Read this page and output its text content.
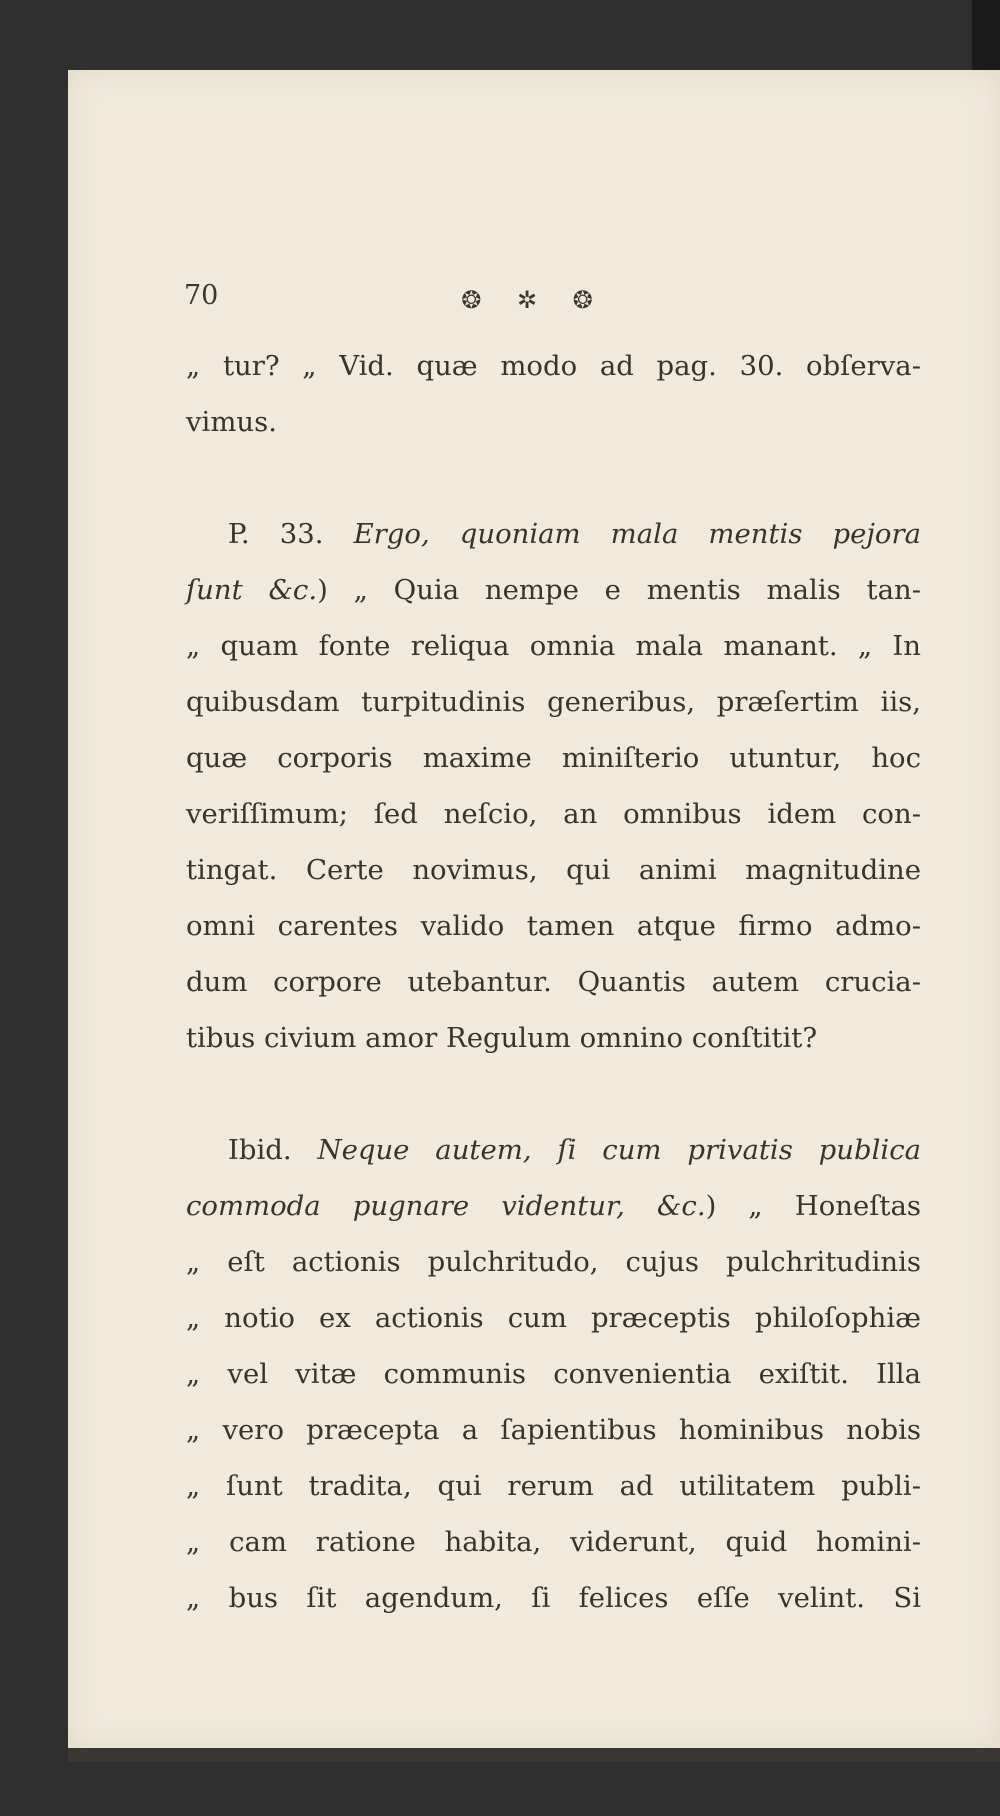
70	❂ ✲ ❂
„ tur? „ Vid. quæ modo ad pag. 30. obſerva-
vimus.
P. 33. Ergo, quoniam mala mentis pejora
ſunt &c.) „ Quia nempe e mentis malis tan-
„ quam fonte reliqua omnia mala manant. „ In
quibusdam turpitudinis generibus, præſertim iis,
quæ corporis maxime miniſterio utuntur, hoc
veriſſimum; ſed neſcio, an omnibus idem con-
tingat. Certe novimus, qui animi magnitudine
omni carentes valido tamen atque firmo admo-
dum corpore utebantur. Quantis autem crucia-
tibus civium amor Regulum omnino conſtitit?
Ibid. Neque autem, ſi cum privatis publica
commoda pugnare videntur, &c.) „ Honeſtas
„ eſt actionis pulchritudo, cujus pulchritudinis
„ notio ex actionis cum præceptis philoſophiæ
„ vel vitæ communis convenientia exiſtit. Illa
„ vero præcepta a ſapientibus hominibus nobis
„ ſunt tradita, qui rerum ad utilitatem publi-
„ cam ratione habita, viderunt, quid homini-
„ bus ſit agendum, ſi felices eſſe velint. Si
